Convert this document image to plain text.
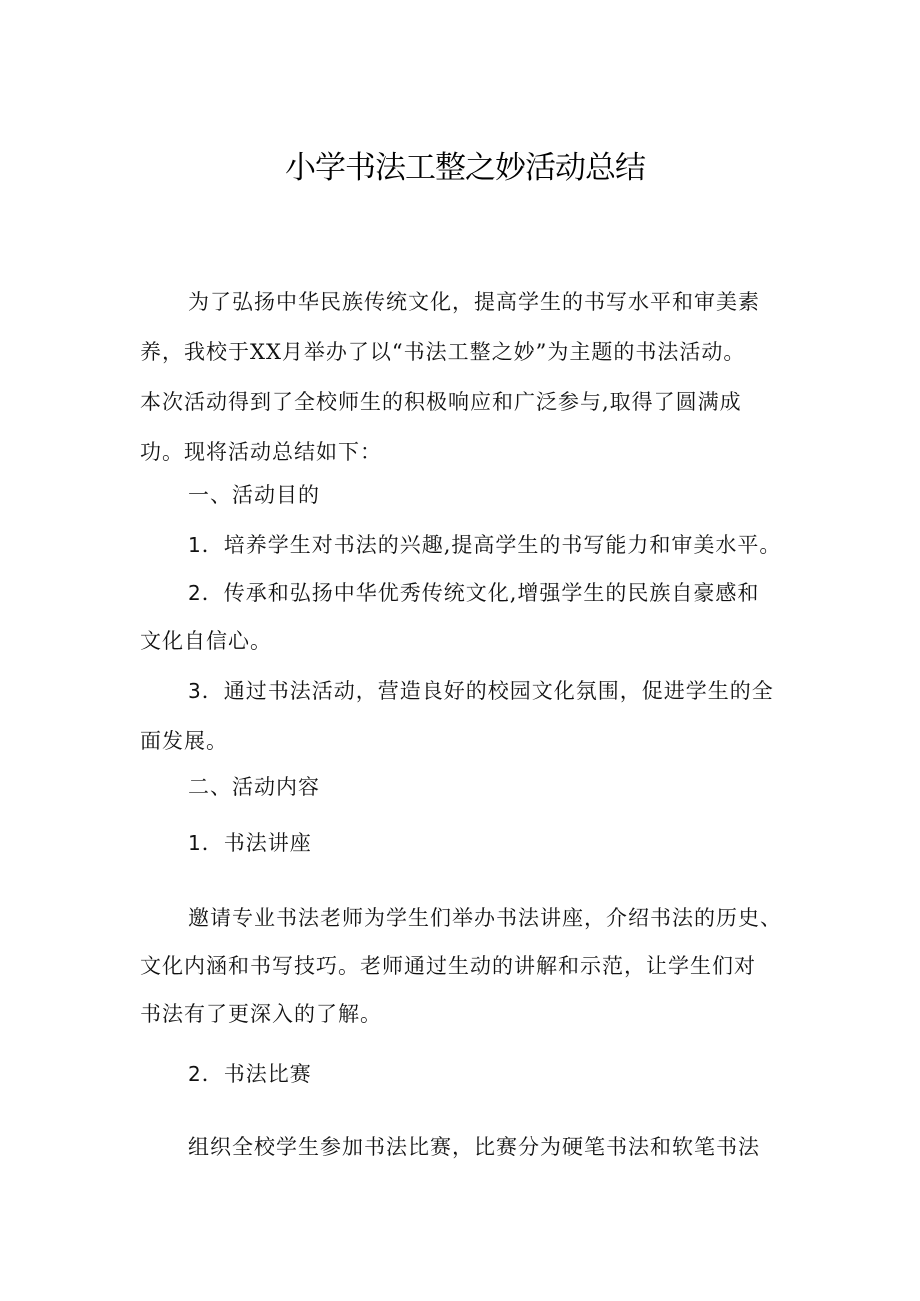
小学书法工整之妙活动总结
为了弘扬中华民族传统文化，提高学生的书写水平和审美素
养，我校于XX月举办了以“书法工整之妙”为主题的书法活动。
本次活动得到了全校师生的积极响应和广泛参与,取得了圆满成
功。现将活动总结如下：
一、活动目的
1．培养学生对书法的兴趣,提高学生的书写能力和审美水平。
2．传承和弘扬中华优秀传统文化,增强学生的民族自豪感和
文化自信心。
3．通过书法活动，营造良好的校园文化氛围，促进学生的全
面发展。
二、活动内容
1．书法讲座
邀请专业书法老师为学生们举办书法讲座，介绍书法的历史、
文化内涵和书写技巧。老师通过生动的讲解和示范，让学生们对
书法有了更深入的了解。
2．书法比赛
组织全校学生参加书法比赛，比赛分为硬笔书法和软笔书法
